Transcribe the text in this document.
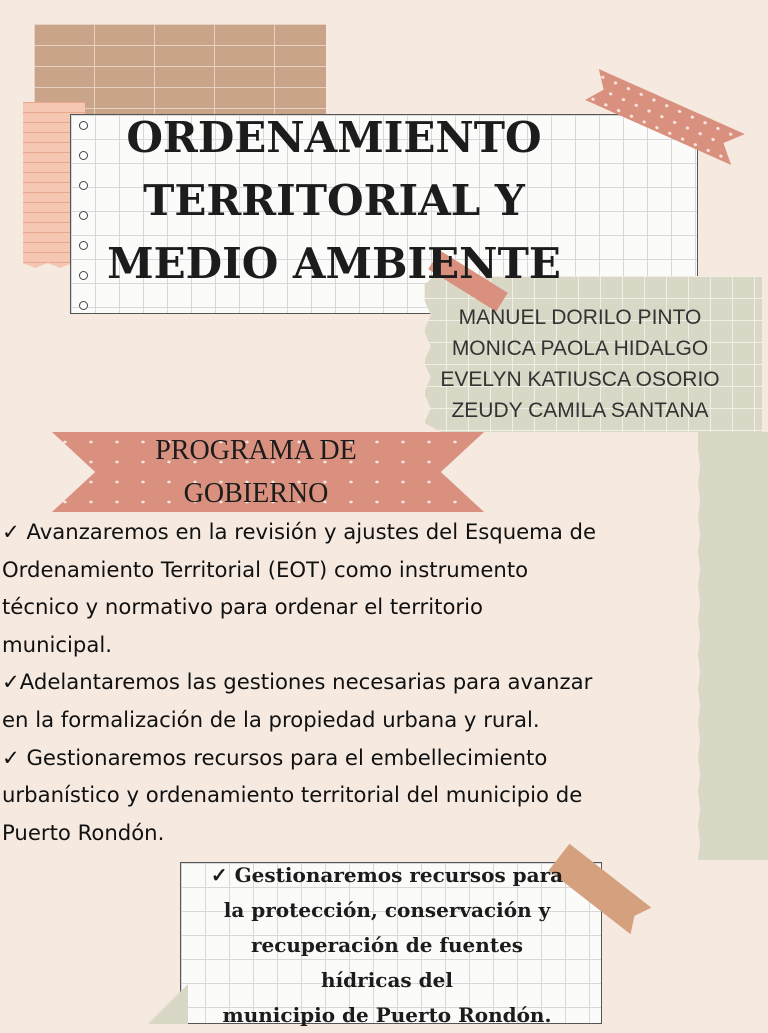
ORDENAMIENTO
TERRITORIAL Y
MEDIO AMBIENTE
MANUEL DORILO PINTO
MONICA PAOLA HIDALGO
EVELYN KATIUSCA OSORIO
ZEUDY CAMILA SANTANA
PROGRAMA DE
GOBIERNO
✓ Avanzaremos en la revisión y ajustes del Esquema de
Ordenamiento Territorial (EOT) como instrumento
técnico y normativo para ordenar el territorio
municipal.
✓Adelantaremos las gestiones necesarias para avanzar
en la formalización de la propiedad urbana y rural.
✓ Gestionaremos recursos para el embellecimiento
urbanístico y ordenamiento territorial del municipio de
Puerto Rondón.
✓ Gestionaremos recursos para
la protección, conservación y
recuperación de fuentes
hídricas del
municipio de Puerto Rondón.
